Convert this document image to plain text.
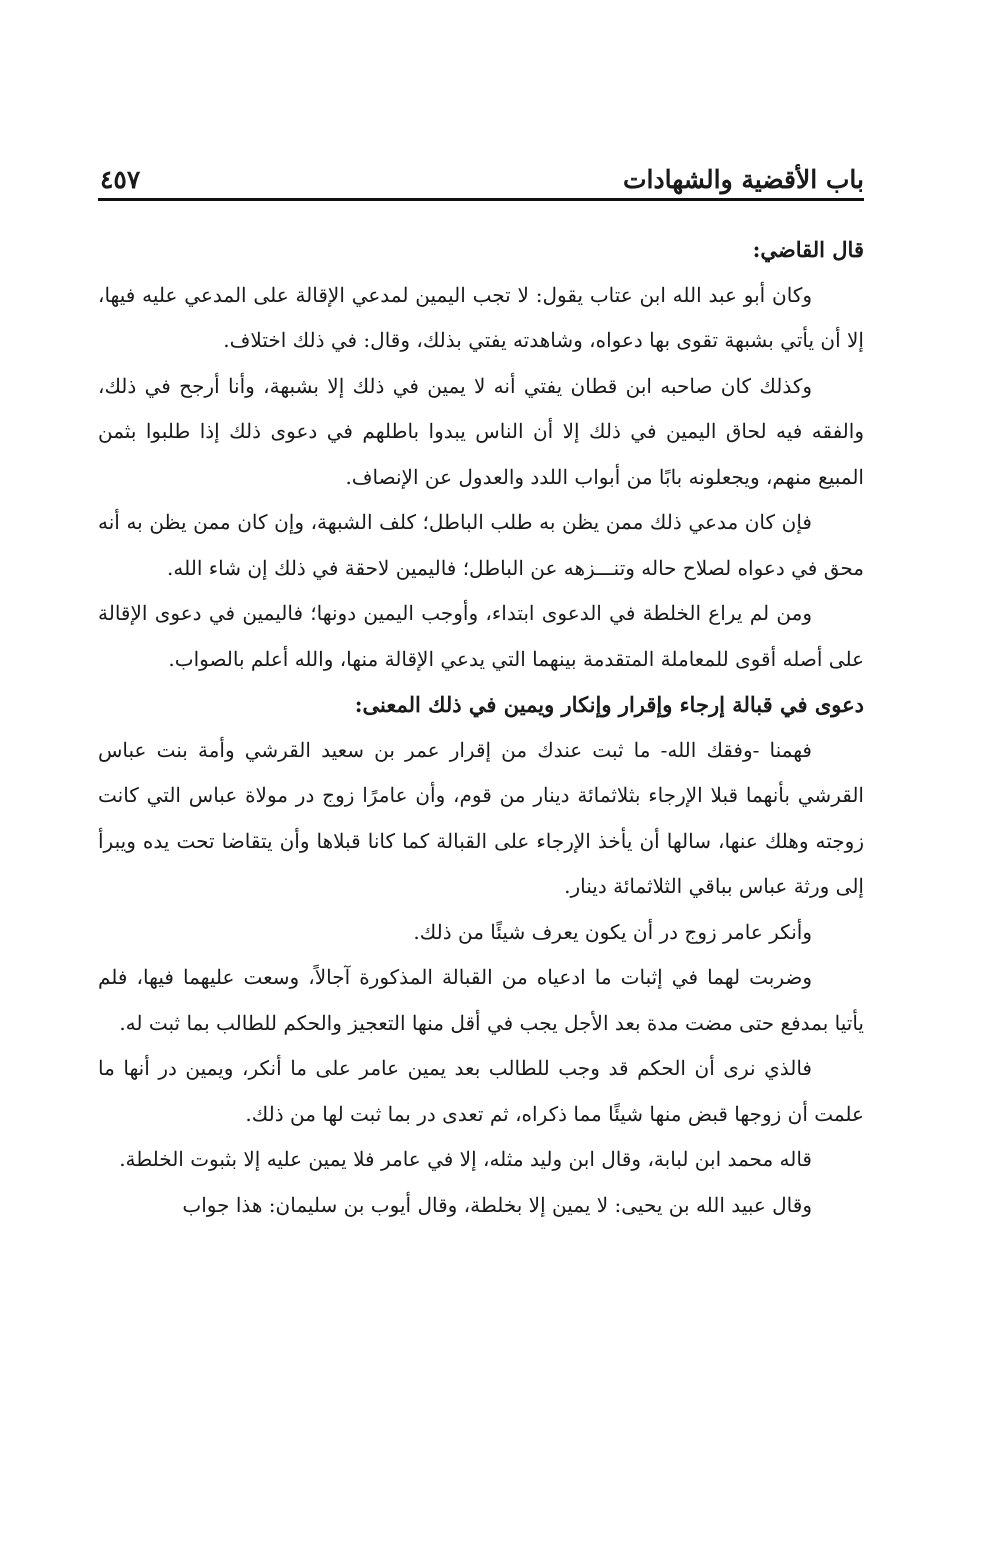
باب الأقضية والشهادات
٤٥٧

قال القاضي:

وكان أبو عبد الله ابن عتاب يقول: لا تجب اليمين لمدعي الإقالة على المدعي عليه فيها، إلا أن يأتي بشبهة تقوى بها دعواه، وشاهدته يفتي بذلك، وقال: في ذلك اختلاف.

وكذلك كان صاحبه ابن قطان يفتي أنه لا يمين في ذلك إلا بشبهة، وأنا أرجح في ذلك، والفقه فيه لحاق اليمين في ذلك إلا أن الناس يبدوا باطلهم في دعوى ذلك إذا طلبوا بثمن المبيع منهم، ويجعلونه بابًا من أبواب اللدد والعدول عن الإنصاف.

فإن كان مدعي ذلك ممن يظن به طلب الباطل؛ كلف الشبهة، وإن كان ممن يظن به أنه محق في دعواه لصلاح حاله وتنـــزهه عن الباطل؛ فاليمين لاحقة في ذلك إن شاء الله.

ومن لم يراع الخلطة في الدعوى ابتداء، وأوجب اليمين دونها؛ فاليمين في دعوى الإقالة على أصله أقوى للمعاملة المتقدمة بينهما التي يدعي الإقالة منها، والله أعلم بالصواب.

دعوى في قبالة إرجاء وإقرار وإنكار ويمين في ذلك المعنى:

فهمنا -وفقك الله- ما ثبت عندك من إقرار عمر بن سعيد القرشي وأمة بنت عباس القرشي بأنهما قبلا الإرجاء بثلاثمائة دينار من قوم، وأن عامرًا زوج در مولاة عباس التي كانت زوجته وهلك عنها، سالها أن يأخذ الإرجاء على القبالة كما كانا قبلاها وأن يتقاضا تحت يده ويبرأ إلى ورثة عباس بباقي الثلاثمائة دينار.

وأنكر عامر زوج در أن يكون يعرف شيئًا من ذلك.

وضربت لهما في إثبات ما ادعياه من القبالة المذكورة آجالاً، وسعت عليهما فيها، فلم يأتيا بمدفع حتى مضت مدة بعد الأجل يجب في أقل منها التعجيز والحكم للطالب بما ثبت له.

فالذي نرى أن الحكم قد وجب للطالب بعد يمين عامر على ما أنكر، ويمين در أنها ما علمت أن زوجها قبض منها شيئًا مما ذكراه، ثم تعدى در بما ثبت لها من ذلك.

قاله محمد ابن لبابة، وقال ابن وليد مثله، إلا في عامر فلا يمين عليه إلا بثبوت الخلطة.

وقال عبيد الله بن يحيى: لا يمين إلا بخلطة، وقال أيوب بن سليمان: هذا جواب
